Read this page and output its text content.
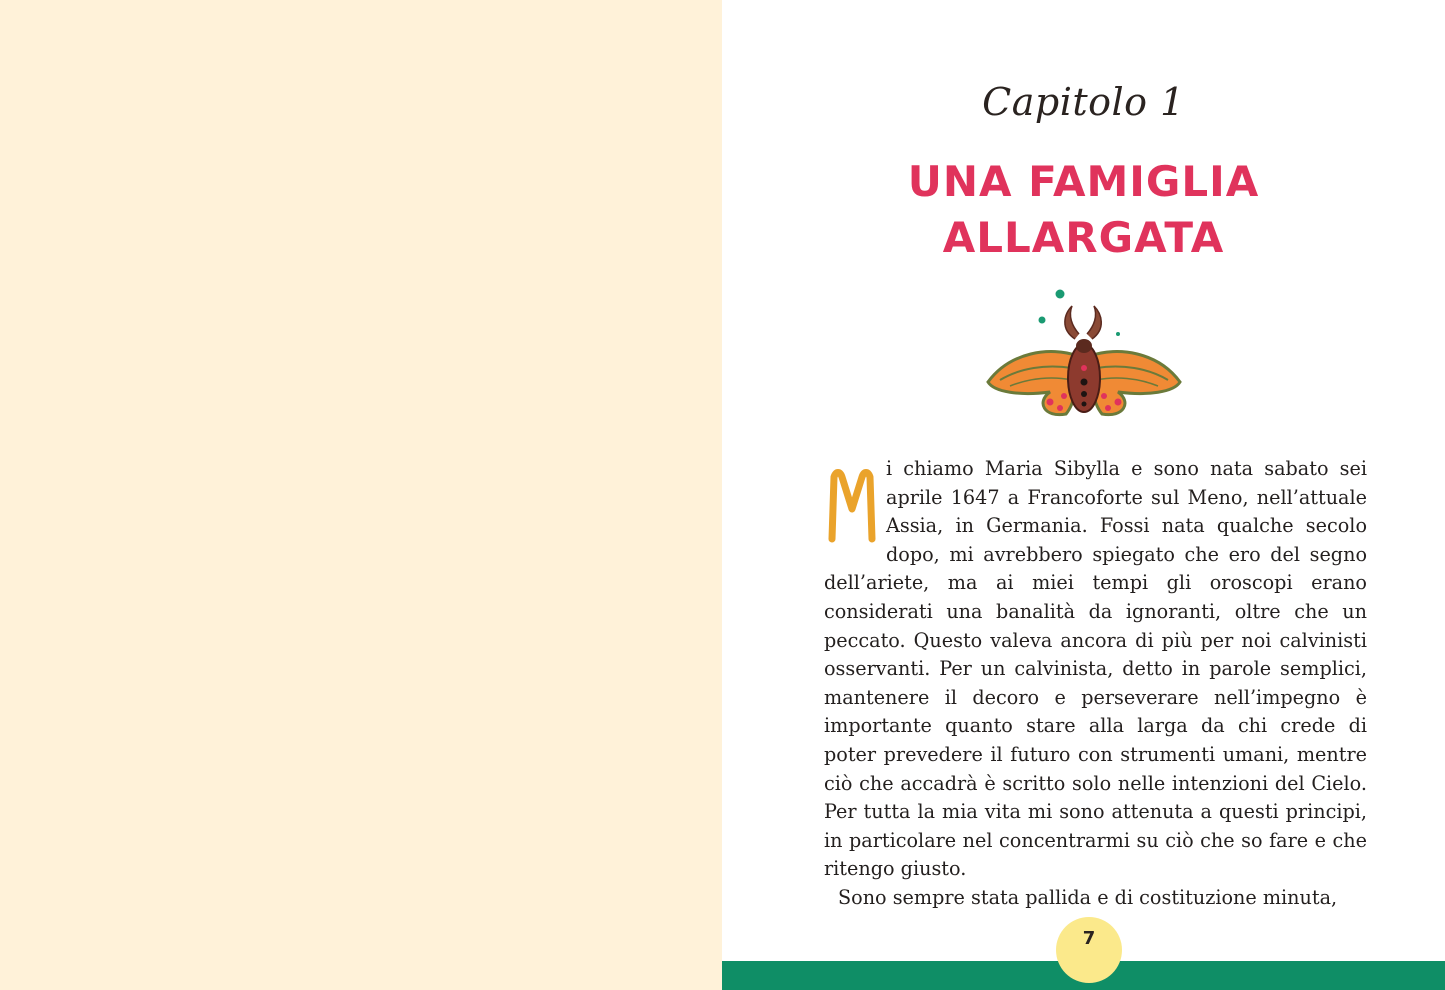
Capitolo 1
UNA FAMIGLIA
ALLARGATA

i chiamo Maria Sibylla e sono nata sabato sei aprile 1647 a Francoforte sul Meno, nell’attuale Assia, in Germania. Fossi nata qualche secolo dopo, mi avrebbero spiegato che ero del segno dell’ariete, ma ai miei tempi gli oroscopi erano considerati una banalità da ignoranti, oltre che un peccato. Questo valeva ancora di più per noi calvinisti osservanti. Per un calvinista, detto in parole semplici, mantenere il decoro e perseverare nell’impegno è importante quanto stare alla larga da chi crede di poter prevedere il futuro con strumenti umani, mentre ciò che accadrà è scritto solo nelle intenzioni del Cielo. Per tutta la mia vita mi sono attenuta a questi principi, in particolare nel concentrarmi su ciò che so fare e che ritengo giusto.

Sono sempre stata pallida e di costituzione minuta,

7
